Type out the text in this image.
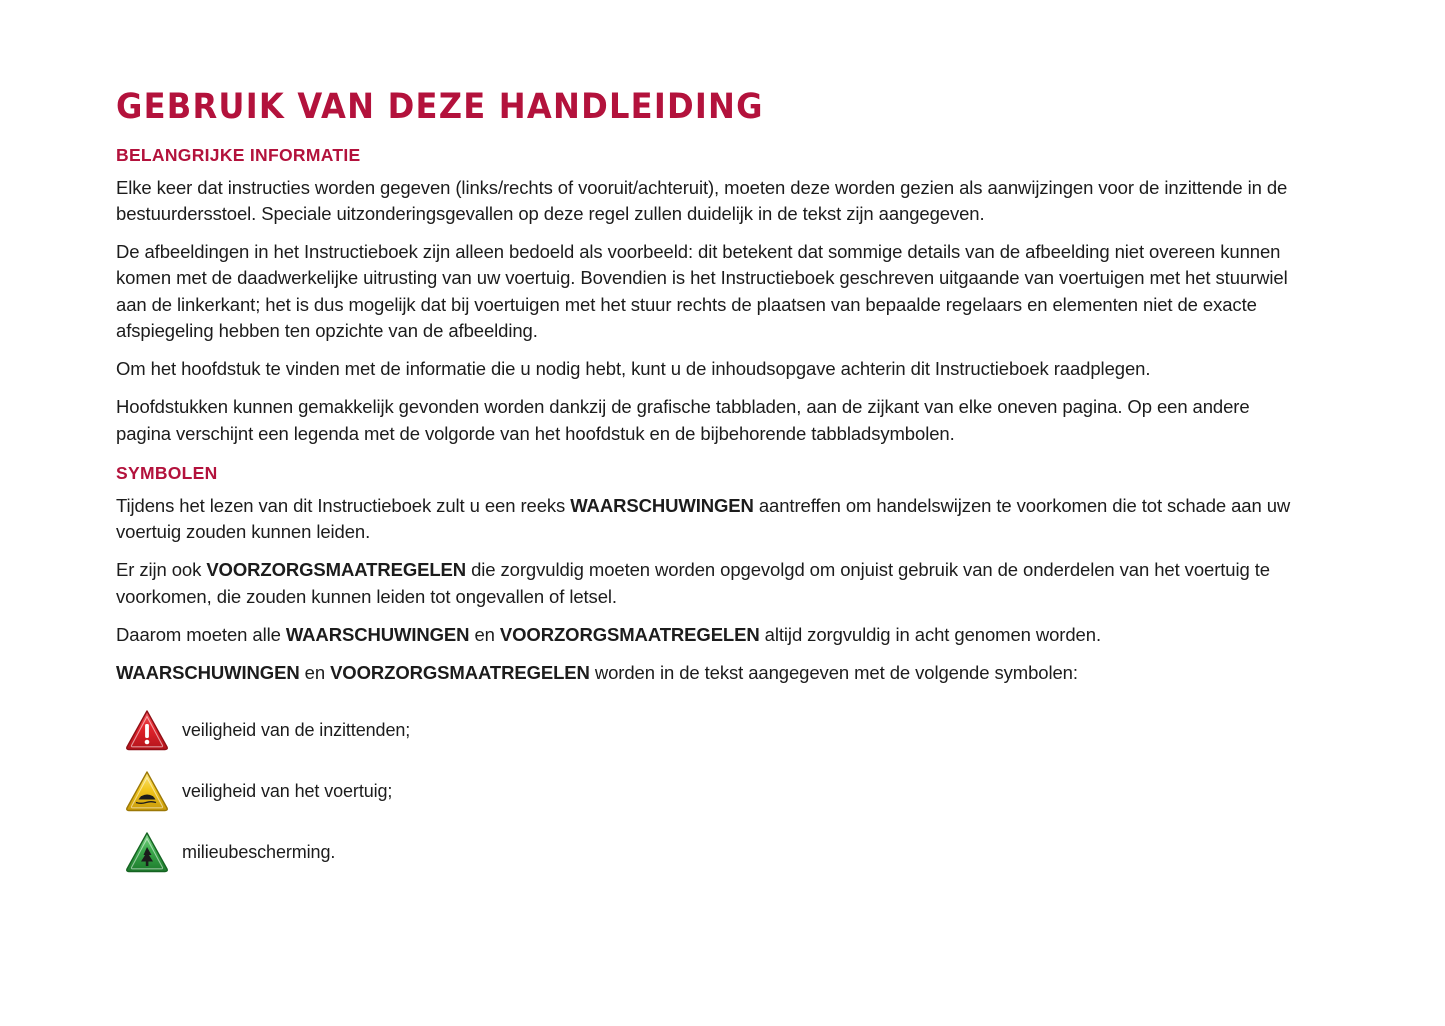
GEBRUIK VAN DEZE HANDLEIDING
BELANGRIJKE INFORMATIE

Elke keer dat instructies worden gegeven (links/rechts of vooruit/achteruit), moeten deze worden gezien als aanwijzingen voor de inzittende in de bestuurdersstoel. Speciale uitzonderingsgevallen op deze regel zullen duidelijk in de tekst zijn aangegeven.

De afbeeldingen in het Instructieboek zijn alleen bedoeld als voorbeeld: dit betekent dat sommige details van de afbeelding niet overeen kunnen komen met de daadwerkelijke uitrusting van uw voertuig. Bovendien is het Instructieboek geschreven uitgaande van voertuigen met het stuurwiel aan de linkerkant; het is dus mogelijk dat bij voertuigen met het stuur rechts de plaatsen van bepaalde regelaars en elementen niet de exacte afspiegeling hebben ten opzichte van de afbeelding.

Om het hoofdstuk te vinden met de informatie die u nodig hebt, kunt u de inhoudsopgave achterin dit Instructieboek raadplegen.

Hoofdstukken kunnen gemakkelijk gevonden worden dankzij de grafische tabbladen, aan de zijkant van elke oneven pagina. Op een andere pagina verschijnt een legenda met de volgorde van het hoofdstuk en de bijbehorende tabbladsymbolen.

SYMBOLEN

Tijdens het lezen van dit Instructieboek zult u een reeks WAARSCHUWINGEN aantreffen om handelswijzen te voorkomen die tot schade aan uw voertuig zouden kunnen leiden.

Er zijn ook VOORZORGSMAATREGELEN die zorgvuldig moeten worden opgevolgd om onjuist gebruik van de onderdelen van het voertuig te voorkomen, die zouden kunnen leiden tot ongevallen of letsel.

Daarom moeten alle WAARSCHUWINGEN en VOORZORGSMAATREGELEN altijd zorgvuldig in acht genomen worden.

WAARSCHUWINGEN en VOORZORGSMAATREGELEN worden in de tekst aangegeven met de volgende symbolen:

veiligheid van de inzittenden;
veiligheid van het voertuig;
milieubescherming.
